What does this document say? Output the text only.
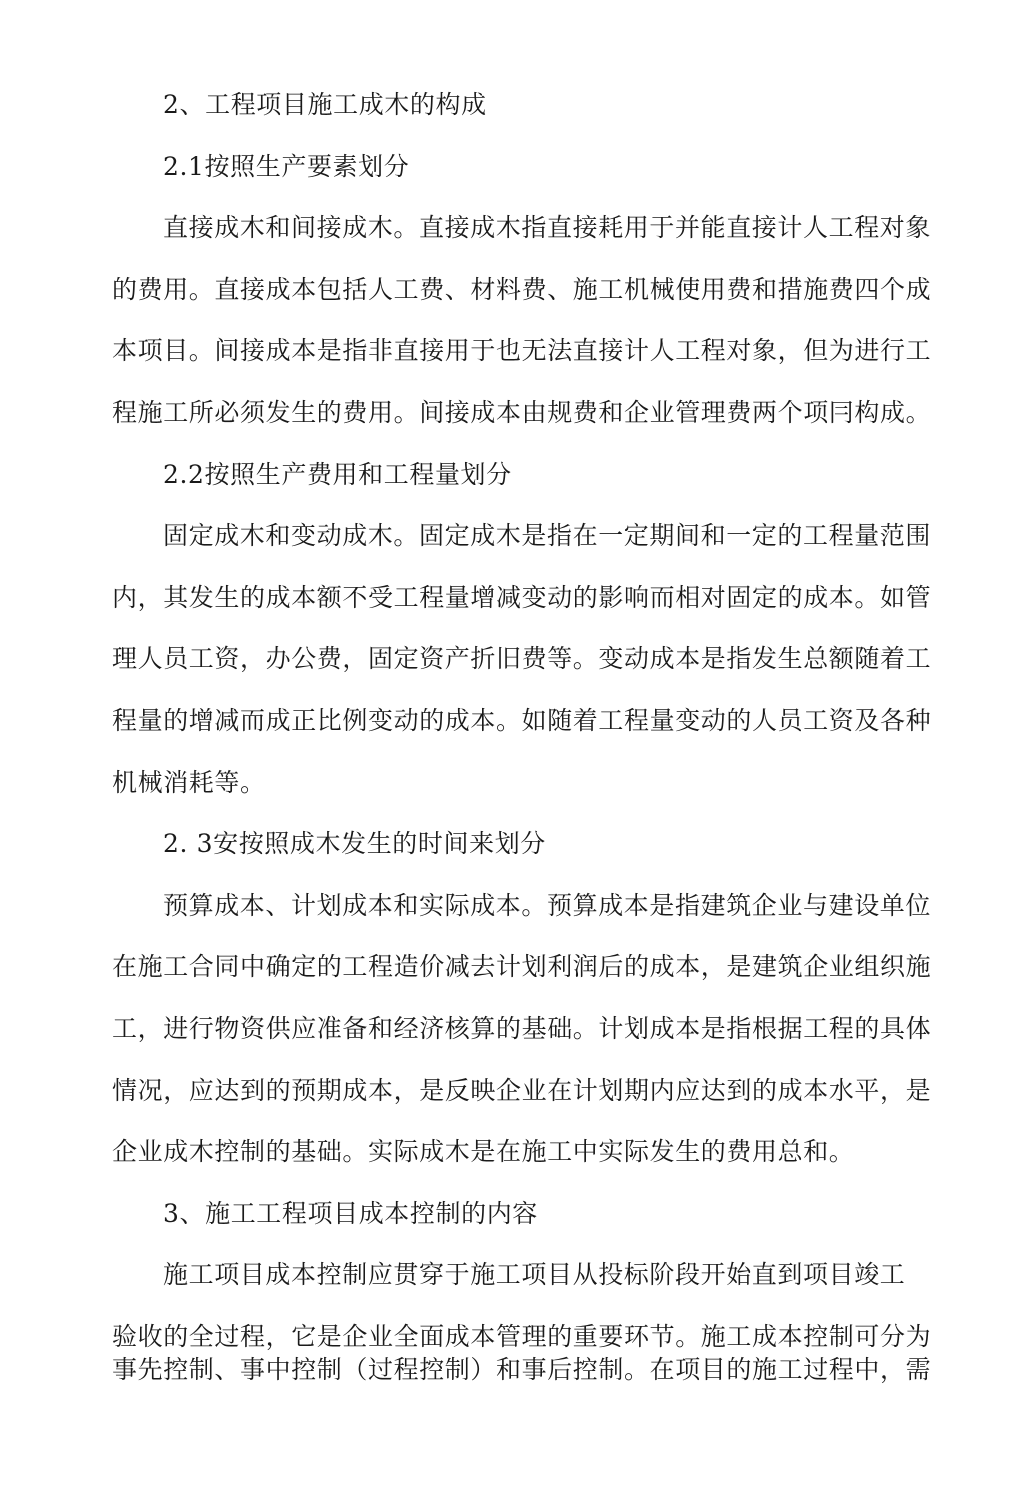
2、工程项目施工成木的构成
2.1按照生产要素划分
直接成木和间接成木。直接成木指直接耗用于并能直接计人工程对象
的费用。直接成本包括人工费、材料费、施工机械使用费和措施费四个成
本项目。间接成本是指非直接用于也无法直接计人工程对象，但为进行工
程施工所必须发生的费用。间接成本由规费和企业管理费两个项冃构成。
2.2按照生产费用和工程量划分
固定成木和变动成木。固定成木是指在一定期间和一定的工程量范围
内，其发生的成本额不受工程量增减变动的影响而相对固定的成本。如管
理人员工资，办公费，固定资产折旧费等。变动成本是指发生总额随着工
程量的增减而成正比例变动的成本。如随着工程量变动的人员工资及各种
机械消耗等。
2. 3安按照成木发生的时间来划分
预算成本、计划成本和实际成本。预算成本是指建筑企业与建设单位
在施工合同中确定的工程造价减去计划利润后的成本，是建筑企业组织施
工，进行物资供应准备和经济核算的基础。计划成本是指根据工程的具体
情况，应达到的预期成本，是反映企业在计划期内应达到的成本水平，是
企业成木控制的基础。实际成木是在施工中实际发生的费用总和。
3、施工工程项目成本控制的内容
施工项目成本控制应贯穿于施工项目从投标阶段开始直到项目竣工
验收的全过程，它是企业全面成本管理的重要环节。施工成本控制可分为
事先控制、事中控制（过程控制）和事后控制。在项目的施工过程中，需
